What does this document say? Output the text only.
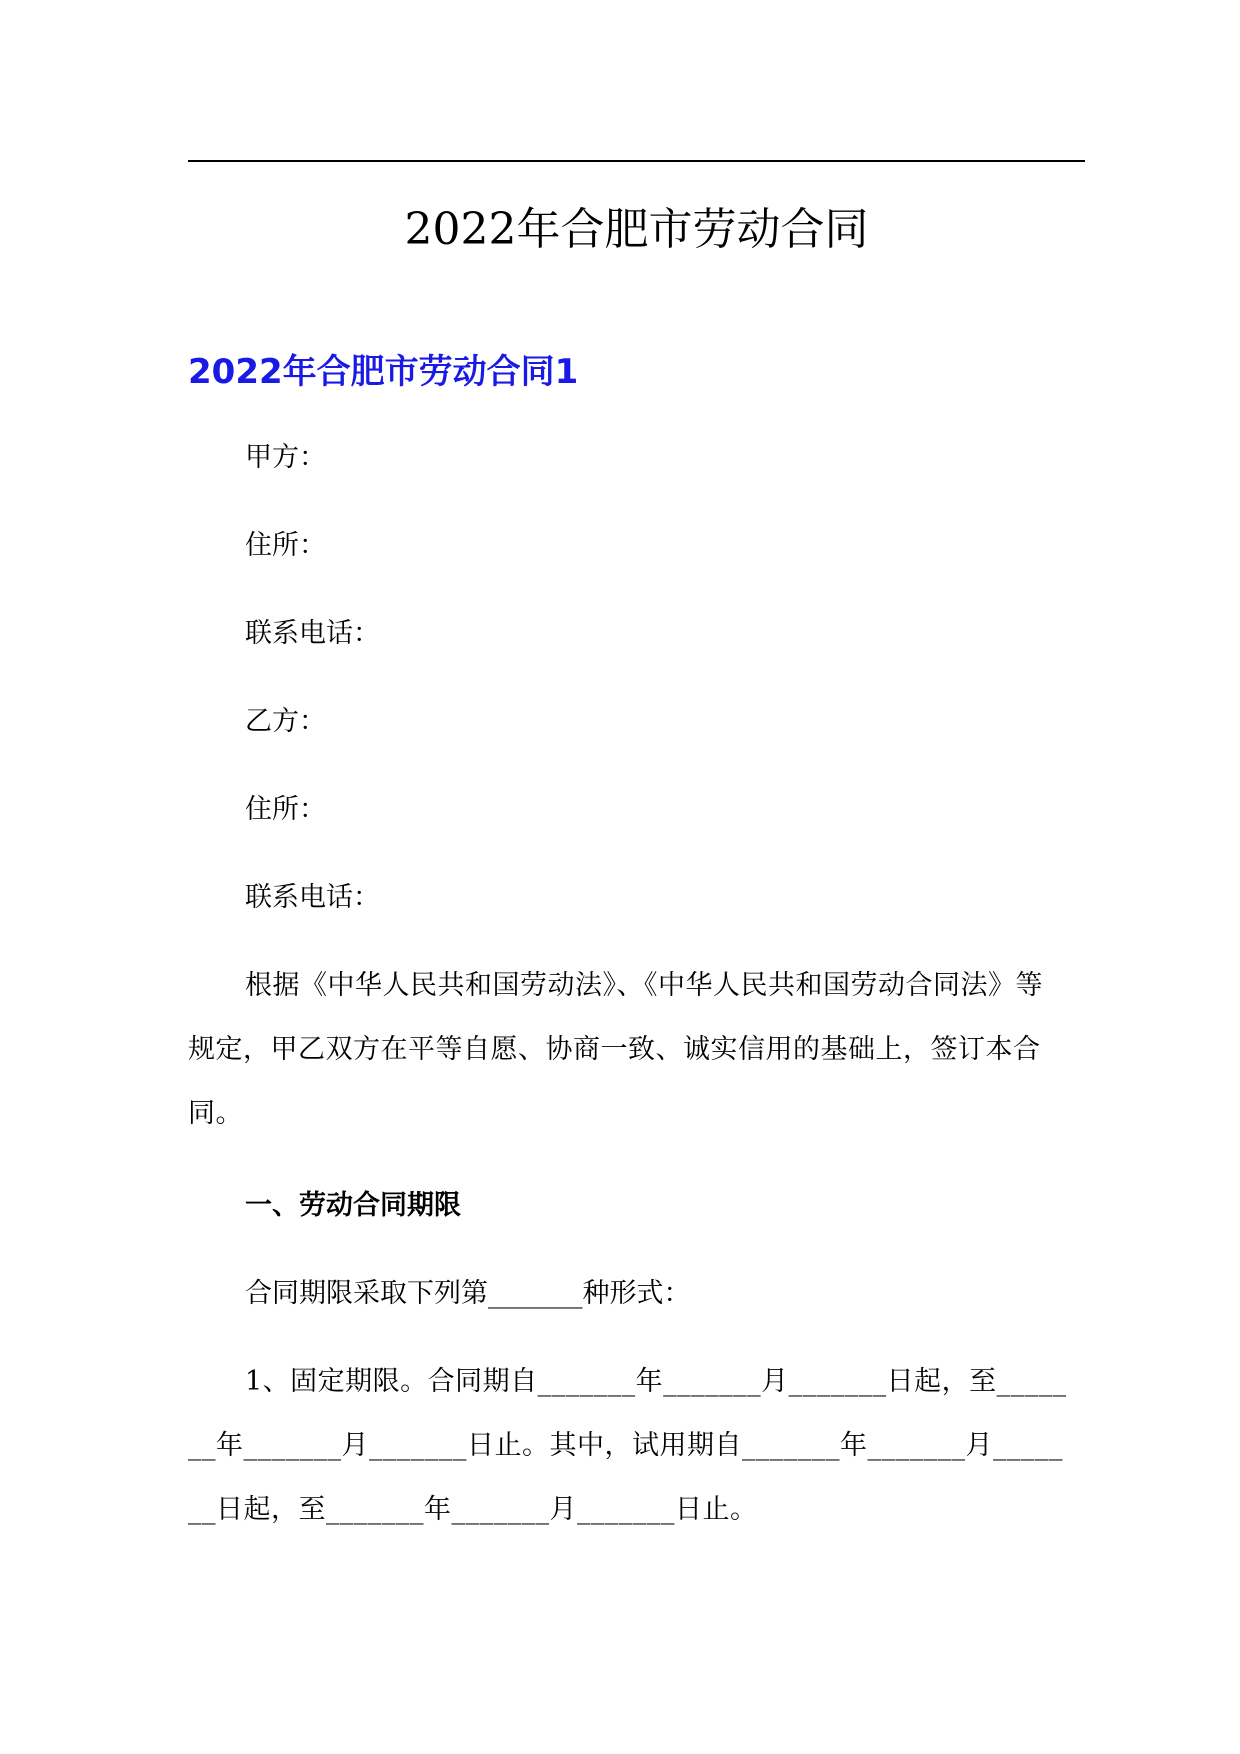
2022年合肥市劳动合同
2022年合肥市劳动合同1

甲方：

住所：

联系电话：

乙方：

住所：

联系电话：

根据《中华人民共和国劳动法》、《中华人民共和国劳动合同法》等规定，甲乙双方在平等自愿、协商一致、诚实信用的基础上，签订本合同。

一、劳动合同期限

合同期限采取下列第_______种形式：

1、固定期限。合同期自_______年_______月_______日起，至_______年_______月_______日止。其中，试用期自_______年_______月_______日起，至_______年_______月_______日止。
